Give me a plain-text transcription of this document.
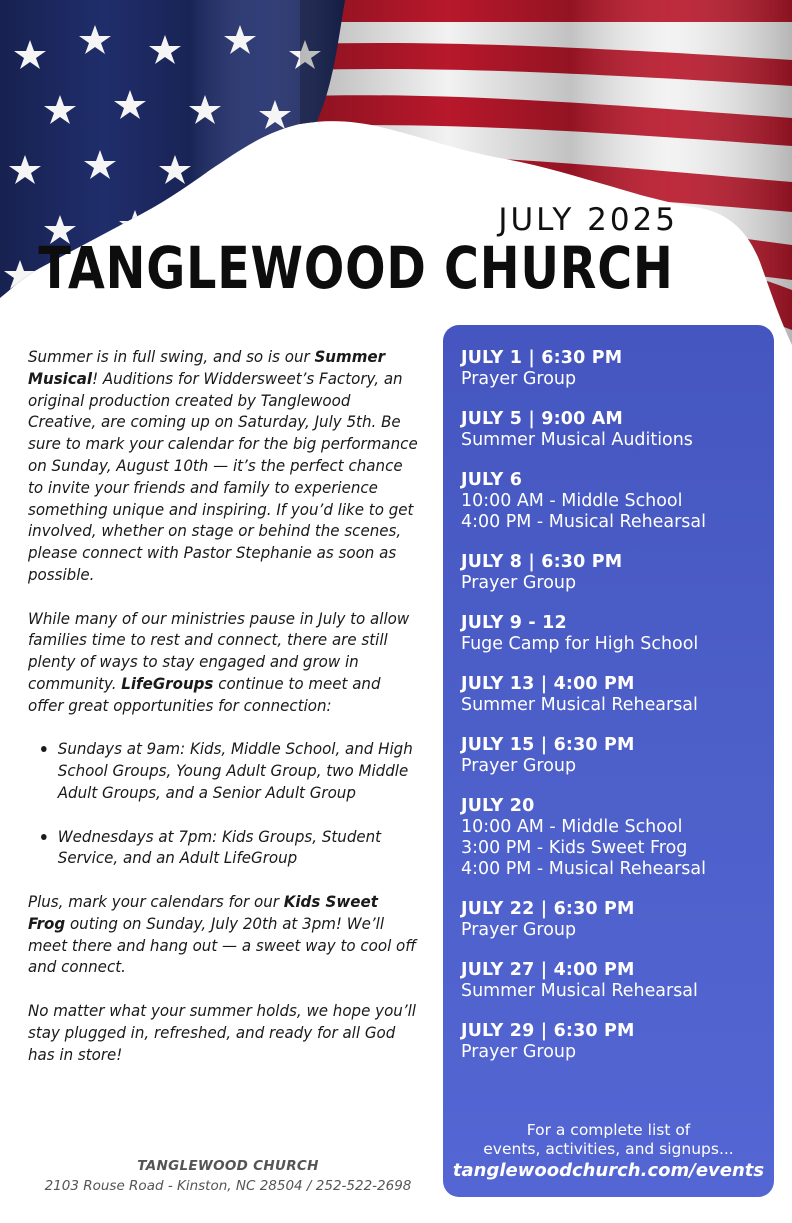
JULY 2025
TANGLEWOOD CHURCH

Summer is in full swing, and so is our Summer Musical! Auditions for Widdersweet’s Factory, an original production created by Tanglewood Creative, are coming up on Saturday, July 5th. Be sure to mark your calendar for the big performance on Sunday, August 10th — it’s the perfect chance to invite your friends and family to experience something unique and inspiring. If you’d like to get involved, whether on stage or behind the scenes, please connect with Pastor Stephanie as soon as possible.

While many of our ministries pause in July to allow families time to rest and connect, there are still plenty of ways to stay engaged and grow in community. LifeGroups continue to meet and offer great opportunities for connection:

Sundays at 9am: Kids, Middle School, and High School Groups, Young Adult Group, two Middle Adult Groups, and a Senior Adult Group
Wednesdays at 7pm: Kids Groups, Student Service, and an Adult LifeGroup

Plus, mark your calendars for our Kids Sweet Frog outing on Sunday, July 20th at 3pm! We’ll meet there and hang out — a sweet way to cool off and connect.

No matter what your summer holds, we hope you’ll stay plugged in, refreshed, and ready for all God has in store!

TANGLEWOOD CHURCH
2103 Rouse Road - Kinston, NC 28504 / 252-522-2698
JULY 1 | 6:30 PM
Prayer Group
JULY 5 | 9:00 AM
Summer Musical Auditions
JULY 6
10:00 AM - Middle School
4:00 PM - Musical Rehearsal
JULY 8 | 6:30 PM
Prayer Group
JULY 9 - 12
Fuge Camp for High School
JULY 13 | 4:00 PM
Summer Musical Rehearsal
JULY 15 | 6:30 PM
Prayer Group
JULY 20
10:00 AM - Middle School
3:00 PM - Kids Sweet Frog
4:00 PM - Musical Rehearsal
JULY 22 | 6:30 PM
Prayer Group
JULY 27 | 4:00 PM
Summer Musical Rehearsal
JULY 29 | 6:30 PM
Prayer Group
For a complete list of
events, activities, and signups...
tanglewoodchurch.com/events
